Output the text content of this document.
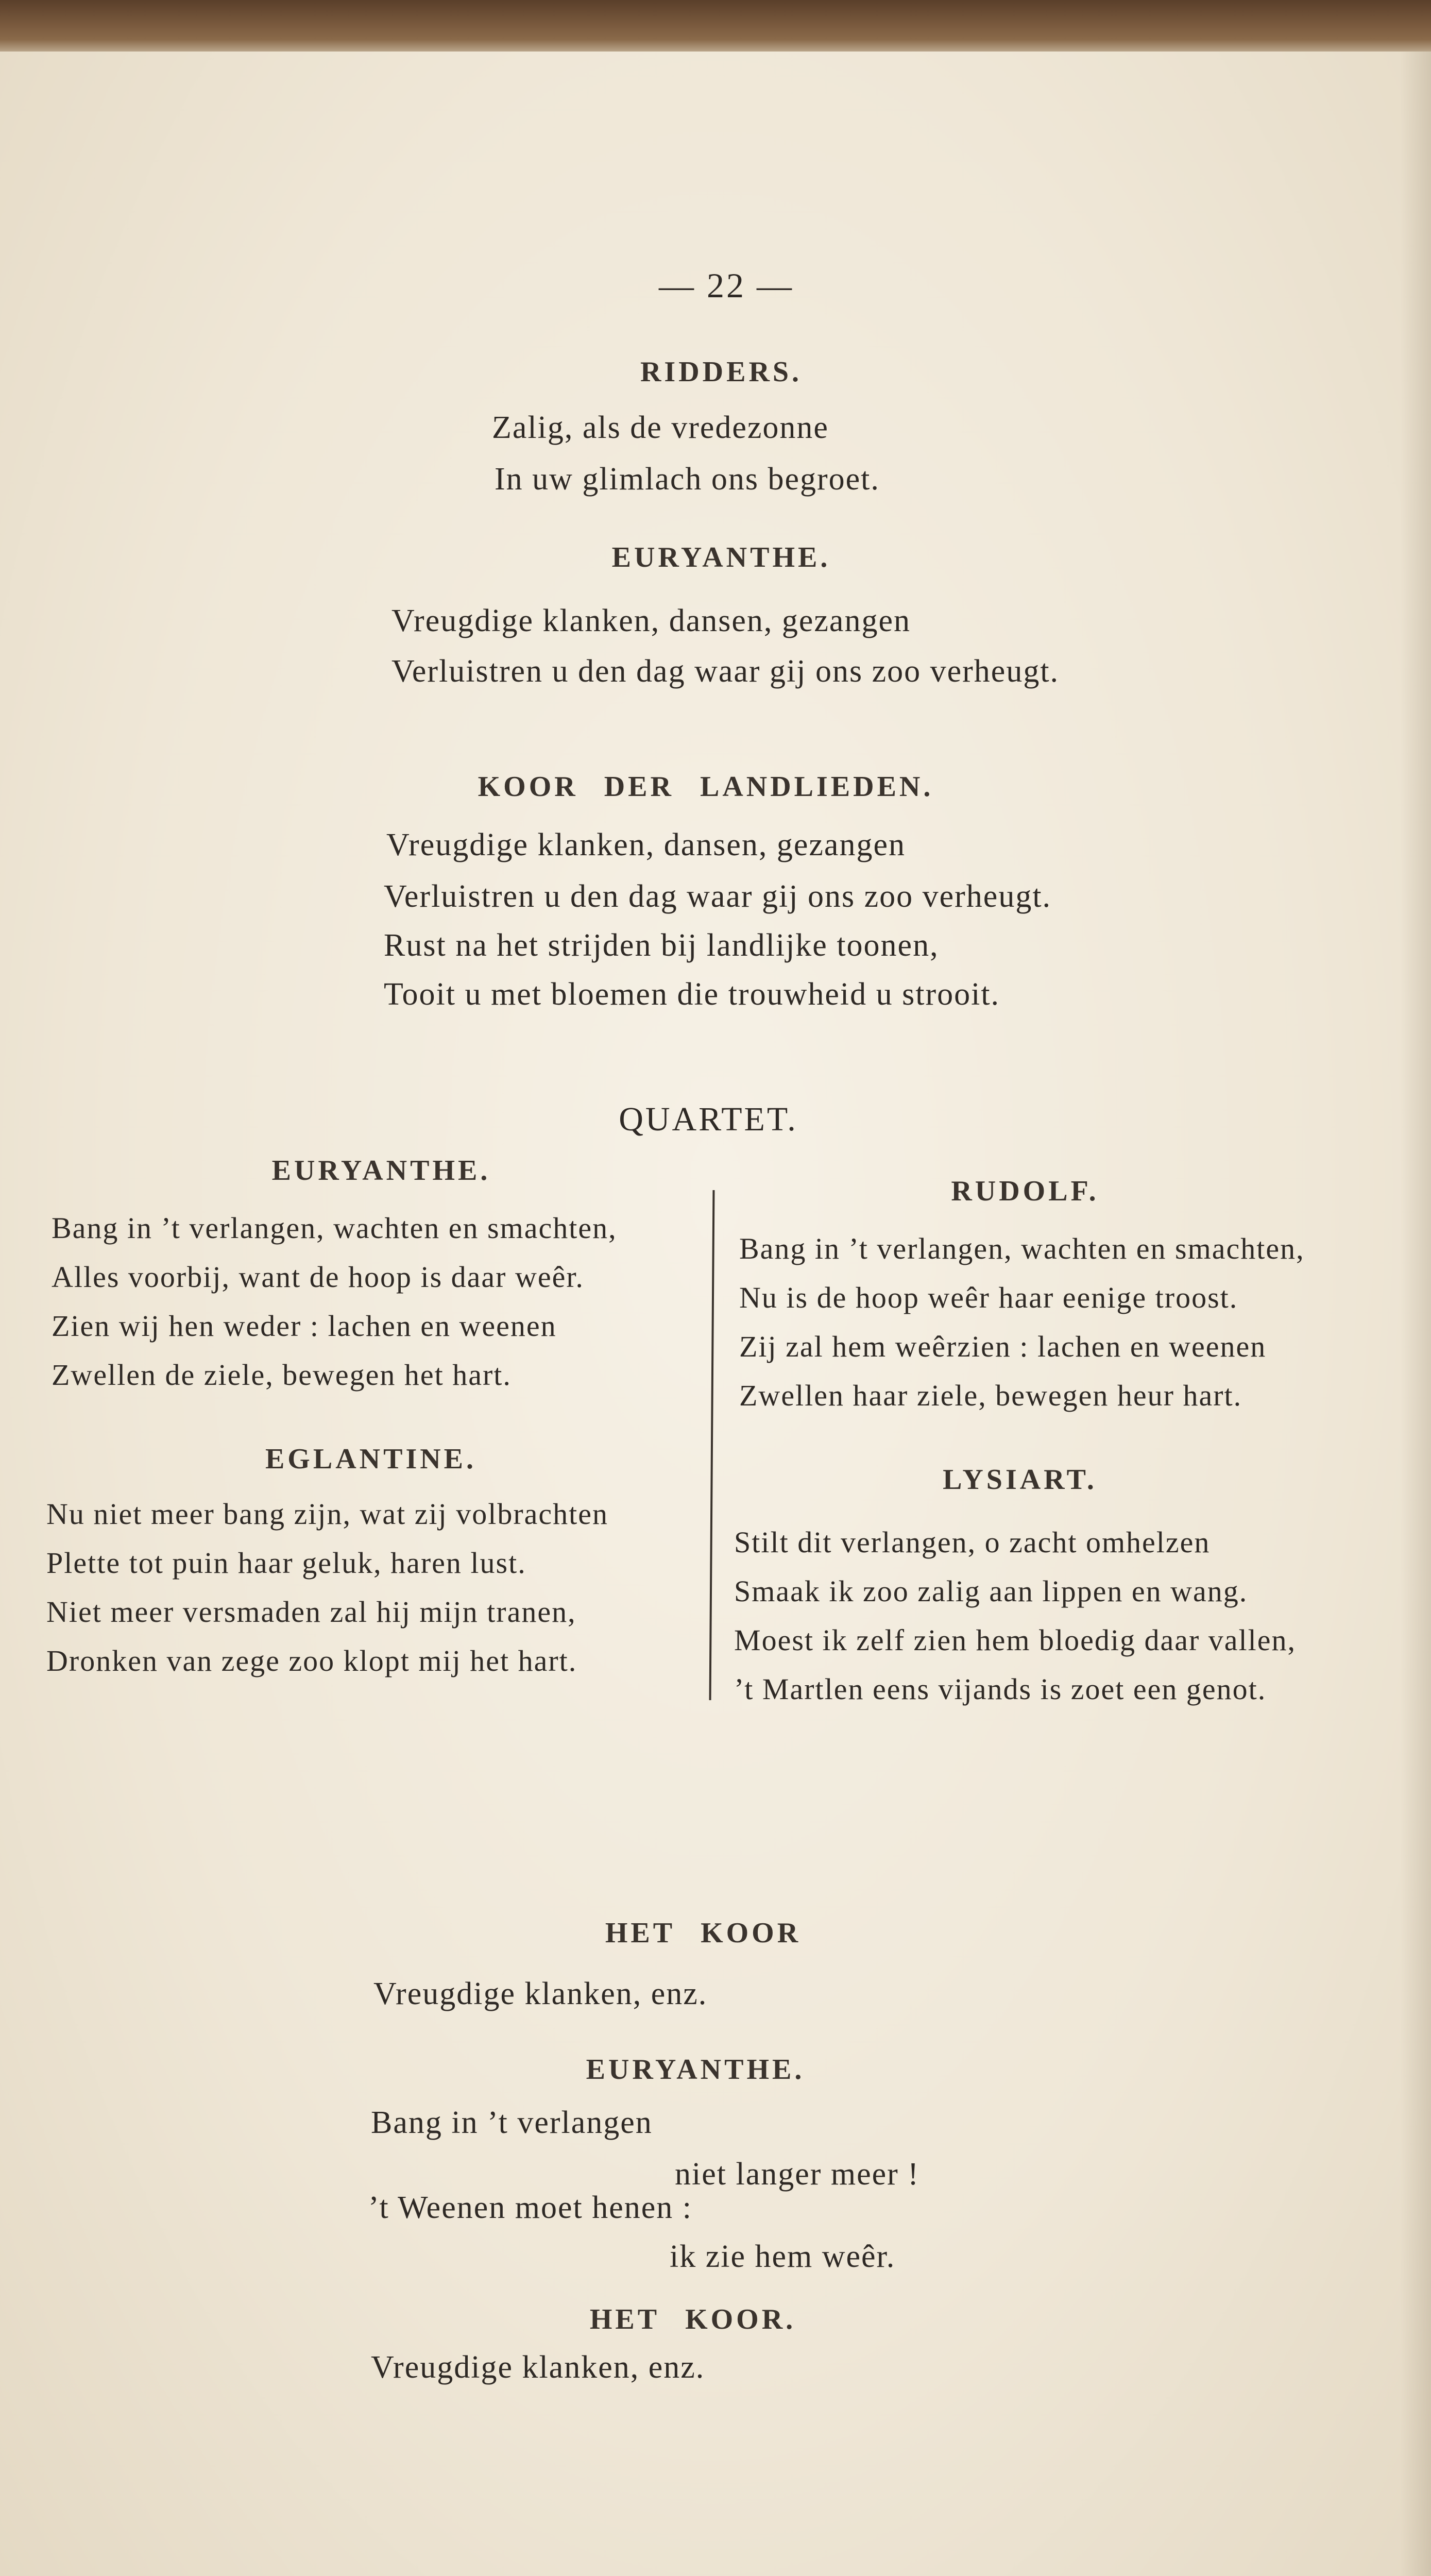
— 22 —
RIDDERS.
Zalig, als de vredezonne
In uw glimlach ons begroet.
EURYANTHE.
Vreugdige klanken, dansen, gezangen
Verluistren u den dag waar gij ons zoo verheugt.
KOOR DER LANDLIEDEN.
Vreugdige klanken, dansen, gezangen
Verluistren u den dag waar gij ons zoo verheugt.
Rust na het strijden bij landlijke toonen,
Tooit u met bloemen die trouwheid u strooit.
QUARTET.
EURYANTHE.
Bang in ’t verlangen, wachten en smachten,
Alles voorbij, want de hoop is daar weêr.
Zien wij hen weder : lachen en weenen
Zwellen de ziele, bewegen het hart.
EGLANTINE.
Nu niet meer bang zijn, wat zij volbrachten
Plette tot puin haar geluk, haren lust.
Niet meer versmaden zal hij mijn tranen,
Dronken van zege zoo klopt mij het hart.
RUDOLF.
Bang in ’t verlangen, wachten en smachten,
Nu is de hoop weêr haar eenige troost.
Zij zal hem weêrzien : lachen en weenen
Zwellen haar ziele, bewegen heur hart.
LYSIART.
Stilt dit verlangen, o zacht omhelzen
Smaak ik zoo zalig aan lippen en wang.
Moest ik zelf zien hem bloedig daar vallen,
’t Martlen eens vijands is zoet een genot.
HET KOOR
Vreugdige klanken, enz.
EURYANTHE.
Bang in ’t verlangen
niet langer meer !
’t Weenen moet henen :
ik zie hem weêr.
HET KOOR.
Vreugdige klanken, enz.
